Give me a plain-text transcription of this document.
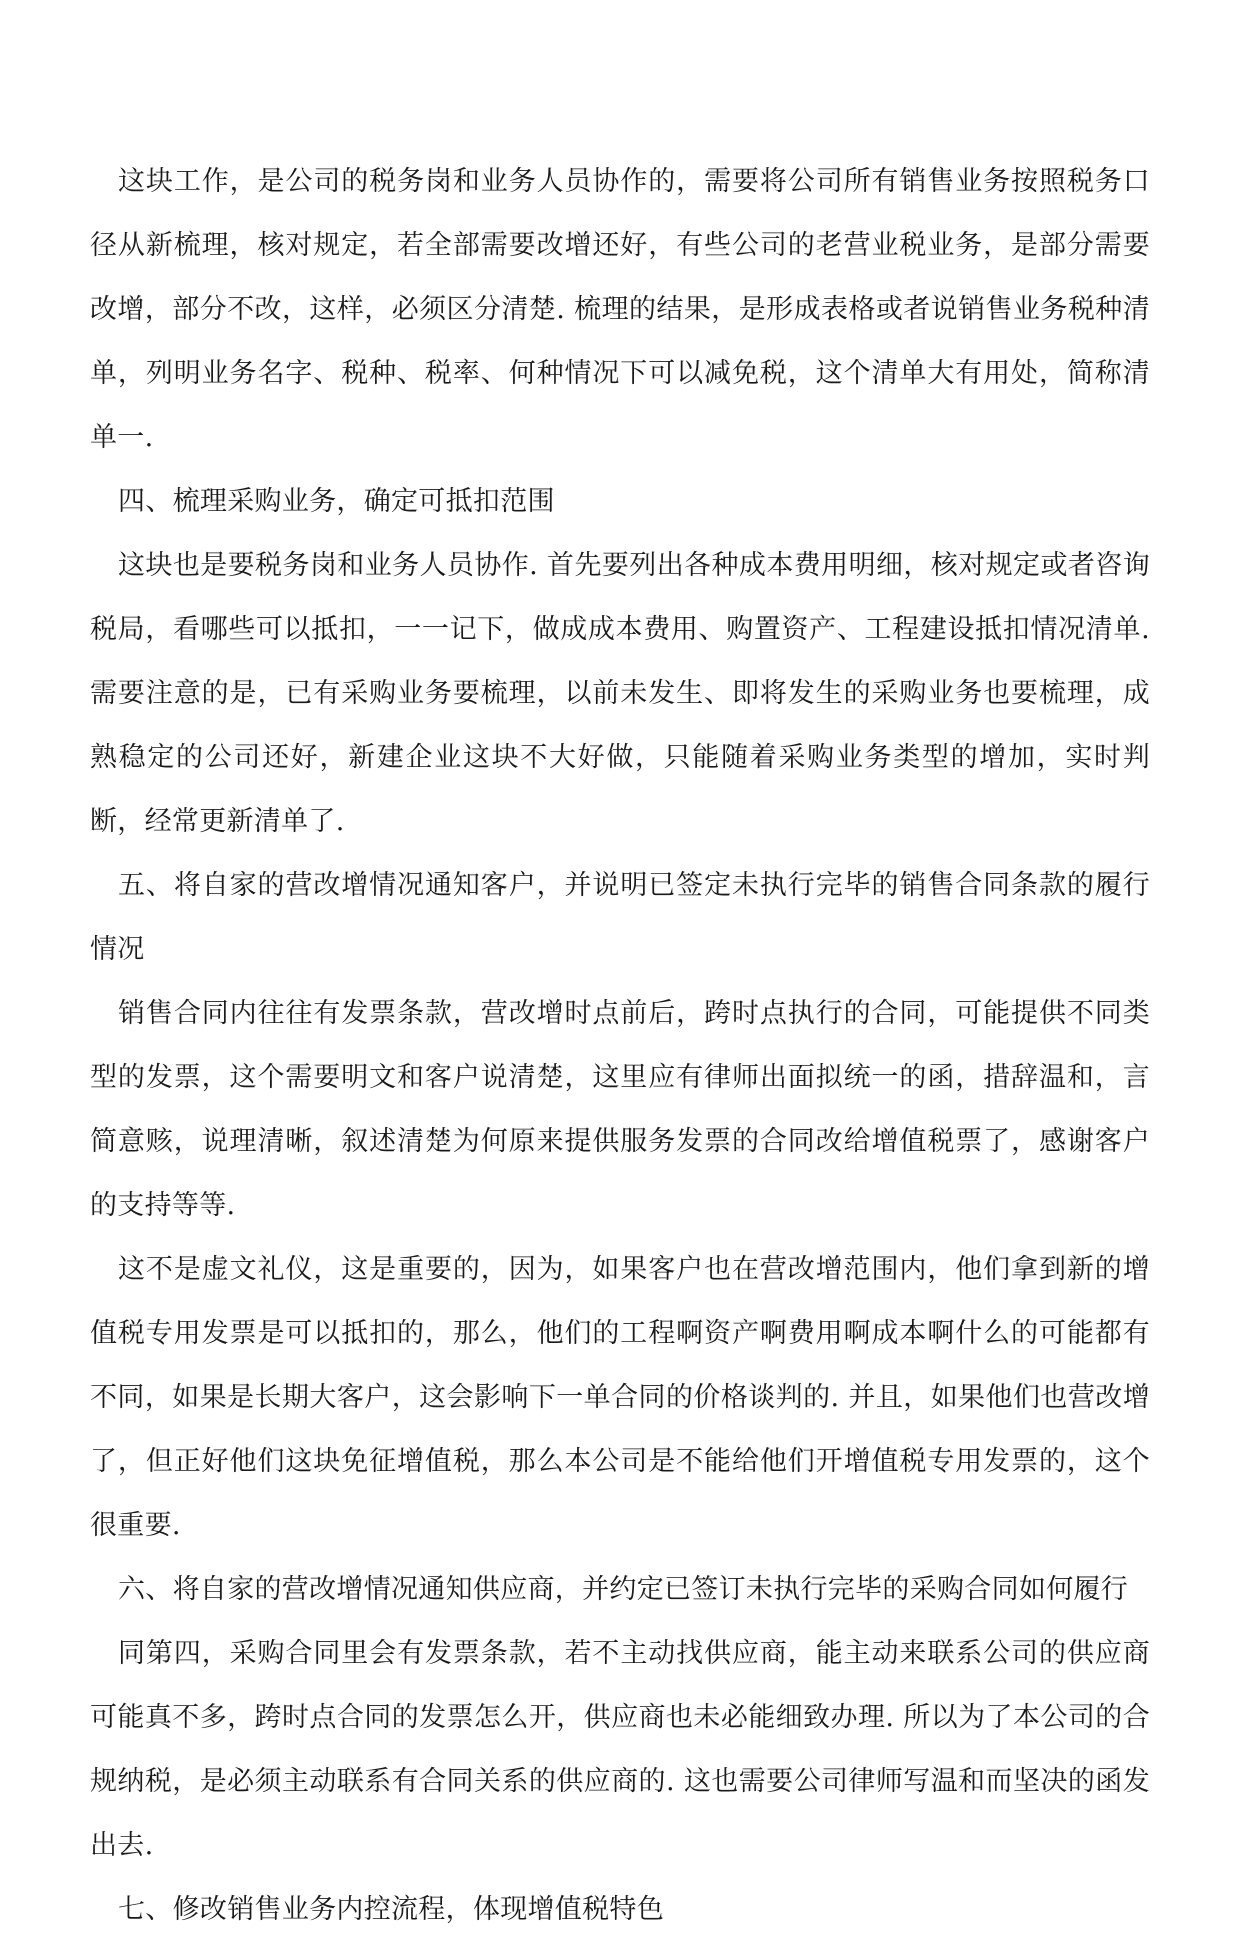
这块工作，是公司的税务岗和业务人员协作的，需要将公司所有销售业务按照税务口径从新梳理，核对规定，若全部需要改增还好，有些公司的老营业税业务，是部分需要改增，部分不改，这样，必须区分清楚. 梳理的结果，是形成表格或者说销售业务税种清单，列明业务名字、税种、税率、何种情况下可以减免税，这个清单大有用处，简称清单一.

四、梳理采购业务，确定可抵扣范围

这块也是要税务岗和业务人员协作. 首先要列出各种成本费用明细，核对规定或者咨询税局，看哪些可以抵扣，一一记下，做成成本费用、购置资产、工程建设抵扣情况清单. 需要注意的是，已有采购业务要梳理，以前未发生、即将发生的采购业务也要梳理，成熟稳定的公司还好，新建企业这块不大好做，只能随着采购业务类型的增加，实时判断，经常更新清单了.

五、将自家的营改增情况通知客户，并说明已签定未执行完毕的销售合同条款的履行情况

销售合同内往往有发票条款，营改增时点前后，跨时点执行的合同，可能提供不同类型的发票，这个需要明文和客户说清楚，这里应有律师出面拟统一的函，措辞温和，言简意赅，说理清晰，叙述清楚为何原来提供服务发票的合同改给增值税票了，感谢客户的支持等等.

这不是虚文礼仪，这是重要的，因为，如果客户也在营改增范围内，他们拿到新的增值税专用发票是可以抵扣的，那么，他们的工程啊资产啊费用啊成本啊什么的可能都有不同，如果是长期大客户，这会影响下一单合同的价格谈判的. 并且，如果他们也营改增了，但正好他们这块免征增值税，那么本公司是不能给他们开增值税专用发票的，这个很重要.

六、将自家的营改增情况通知供应商，并约定已签订未执行完毕的采购合同如何履行

同第四，采购合同里会有发票条款，若不主动找供应商，能主动来联系公司的供应商可能真不多，跨时点合同的发票怎么开，供应商也未必能细致办理. 所以为了本公司的合规纳税，是必须主动联系有合同关系的供应商的. 这也需要公司律师写温和而坚决的函发出去.

七、修改销售业务内控流程，体现增值税特色
